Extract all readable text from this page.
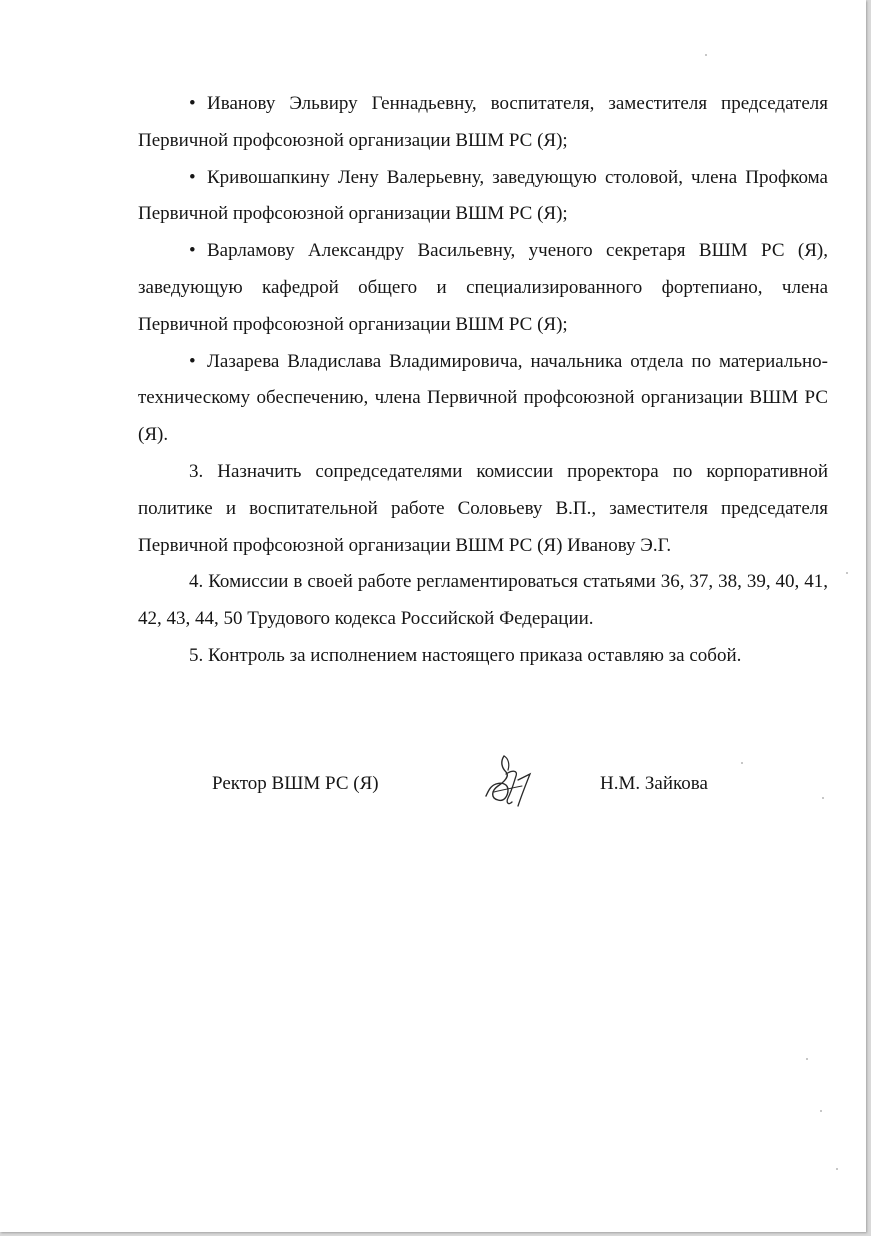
• Иванову Эльвиру Геннадьевну, воспитателя, заместителя председателя Первичной профсоюзной организации ВШМ РС (Я);

• Кривошапкину Лену Валерьевну, заведующую столовой, члена Профкома Первичной профсоюзной организации ВШМ РС (Я);

• Варламову Александру Васильевну, ученого секретаря ВШМ РС (Я), заведующую кафедрой общего и специализированного фортепиано, члена Первичной профсоюзной организации ВШМ РС (Я);

• Лазарева Владислава Владимировича, начальника отдела по материально-техническому обеспечению, члена Первичной профсоюзной организации ВШМ РС (Я).

3. Назначить сопредседателями комиссии проректора по корпоративной политике и воспитательной работе Соловьеву В.П., заместителя председателя Первичной профсоюзной организации ВШМ РС (Я) Иванову Э.Г.

4. Комиссии в своей работе регламентироваться статьями 36, 37, 38, 39, 40, 41, 42, 43, 44, 50 Трудового кодекса Российской Федерации.

5. Контроль за исполнением настоящего приказа оставляю за собой.

Ректор ВШМ РС (Я)	Н.М. Зайкова
